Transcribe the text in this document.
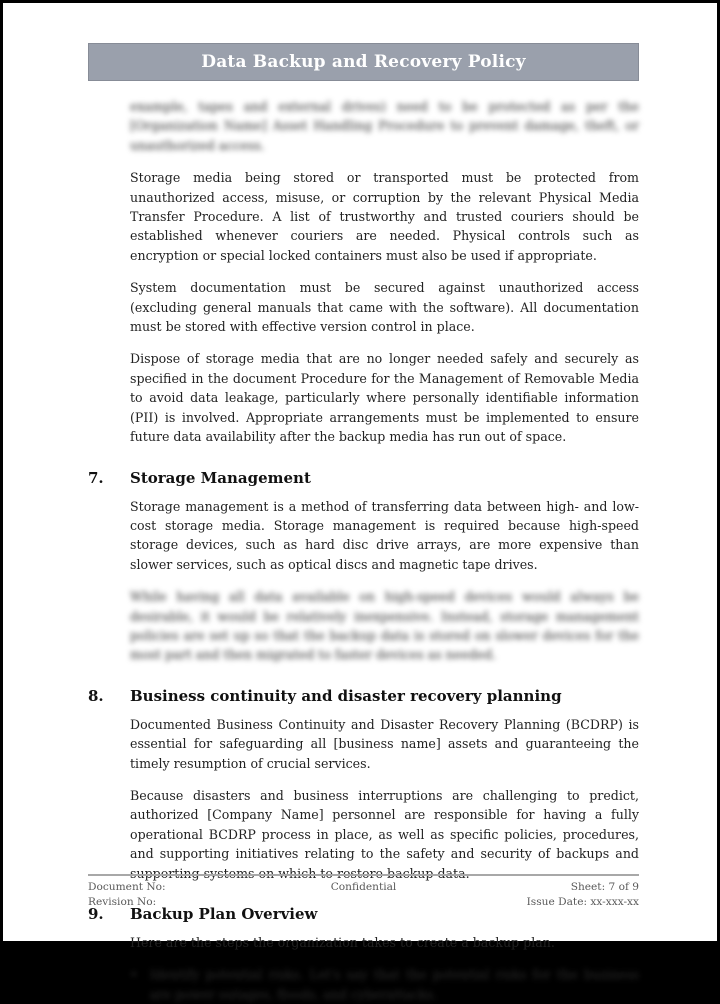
Data Backup and Recovery Policy

example, tapes and external drives) need to be protected as per the [Organization Name] Asset Handling Procedure to prevent damage, theft, or unauthorized access.

Storage media being stored or transported must be protected from unauthorized access, misuse, or corruption by the relevant Physical Media Transfer Procedure. A list of trustworthy and trusted couriers should be established whenever couriers are needed. Physical controls such as encryption or special locked containers must also be used if appropriate.

System documentation must be secured against unauthorized access (excluding general manuals that came with the software). All documentation must be stored with effective version control in place.

Dispose of storage media that are no longer needed safely and securely as specified in the document Procedure for the Management of Removable Media to avoid data leakage, particularly where personally identifiable information (PII) is involved. Appropriate arrangements must be implemented to ensure future data availability after the backup media has run out of space.

7.	Storage Management

Storage management is a method of transferring data between high- and low-cost storage media. Storage management is required because high-speed storage devices, such as hard disc drive arrays, are more expensive than slower services, such as optical discs and magnetic tape drives.

While having all data available on high-speed devices would always be desirable, it would be relatively inexpensive. Instead, storage management policies are set up so that the backup data is stored on slower devices for the most part and then migrated to faster devices as needed.

8.	Business continuity and disaster recovery planning

Documented Business Continuity and Disaster Recovery Planning (BCDRP) is essential for safeguarding all [business name] assets and guaranteeing the timely resumption of crucial services.

Because disasters and business interruptions are challenging to predict, authorized [Company Name] personnel are responsible for having a fully operational BCDRP process in place, as well as specific policies, procedures, and supporting initiatives relating to the safety and security of backups and supporting systems on which to restore backup data.

9.	Backup Plan Overview

Here are the steps the organization takes to create a backup plan.

• Identify potential risks. Let's say that the potential risks for the business are power outages, floods, and cyberattacks.
Document No:
Revision No:
Confidential	Sheet: 7 of 9
Issue Date: xx-xxx-xx
